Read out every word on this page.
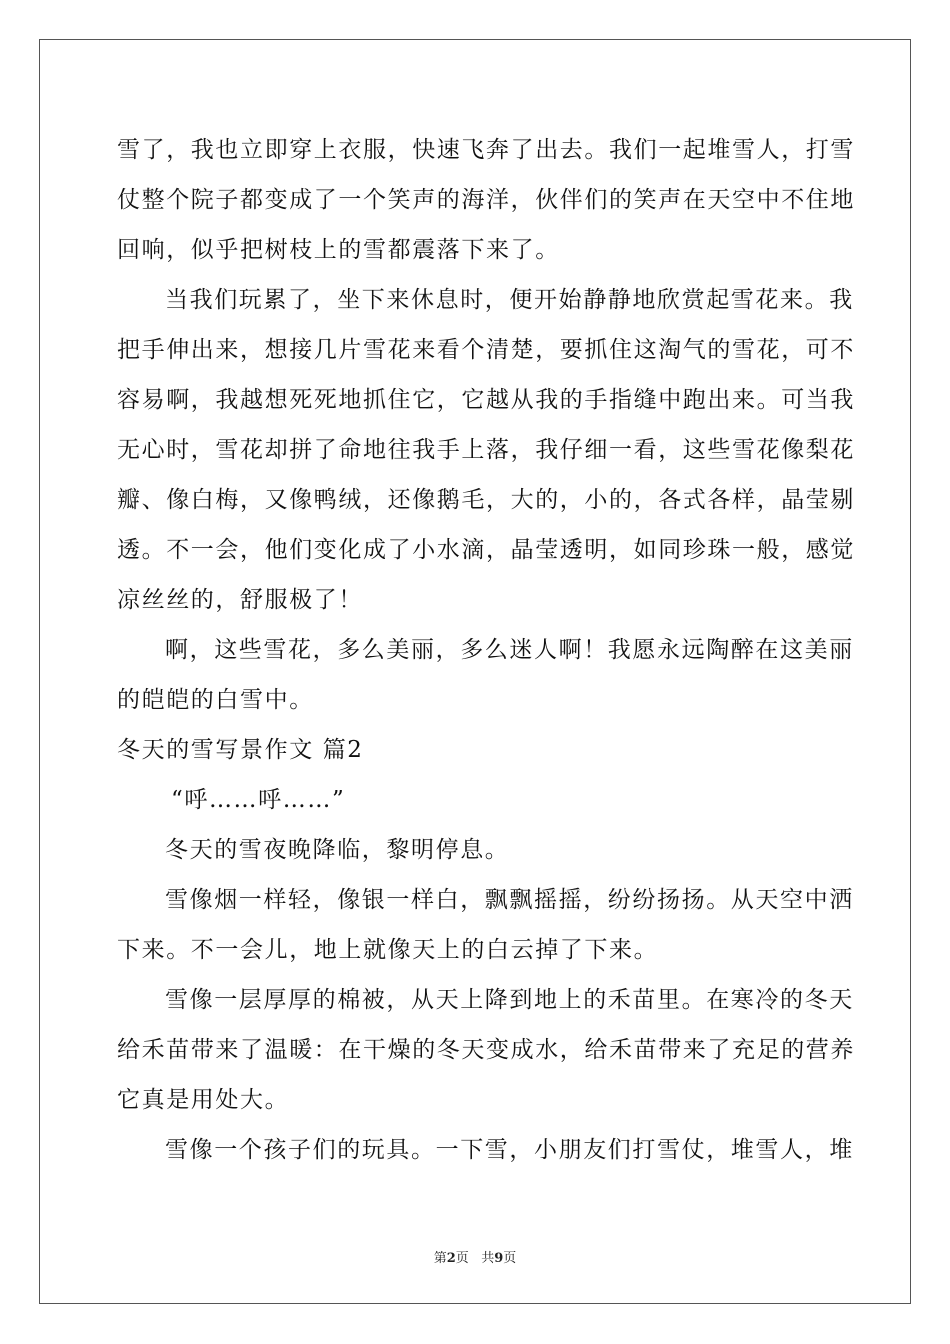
雪了，我也立即穿上衣服，快速飞奔了出去。我们一起堆雪人，打雪
仗整个院子都变成了一个笑声的海洋，伙伴们的笑声在天空中不住地
回响，似乎把树枝上的雪都震落下来了。
当我们玩累了，坐下来休息时，便开始静静地欣赏起雪花来。我
把手伸出来，想接几片雪花来看个清楚，要抓住这淘气的雪花，可不
容易啊，我越想死死地抓住它，它越从我的手指缝中跑出来。可当我
无心时，雪花却拼了命地往我手上落，我仔细一看，这些雪花像梨花
瓣、像白梅，又像鸭绒，还像鹅毛，大的，小的，各式各样，晶莹剔
透。不一会，他们变化成了小水滴，晶莹透明，如同珍珠一般，感觉
凉丝丝的，舒服极了！
啊，这些雪花，多么美丽，多么迷人啊！我愿永远陶醉在这美丽
的皑皑的白雪中。
冬天的雪写景作文 篇2
“呼……呼……”
冬天的雪夜晚降临，黎明停息。
雪像烟一样轻，像银一样白，飘飘摇摇，纷纷扬扬。从天空中洒
下来。不一会儿，地上就像天上的白云掉了下来。
雪像一层厚厚的棉被，从天上降到地上的禾苗里。在寒冷的冬天
给禾苗带来了温暖：在干燥的冬天变成水，给禾苗带来了充足的营养
它真是用处大。
雪像一个孩子们的玩具。一下雪，小朋友们打雪仗，堆雪人，堆
第2页   共9页
